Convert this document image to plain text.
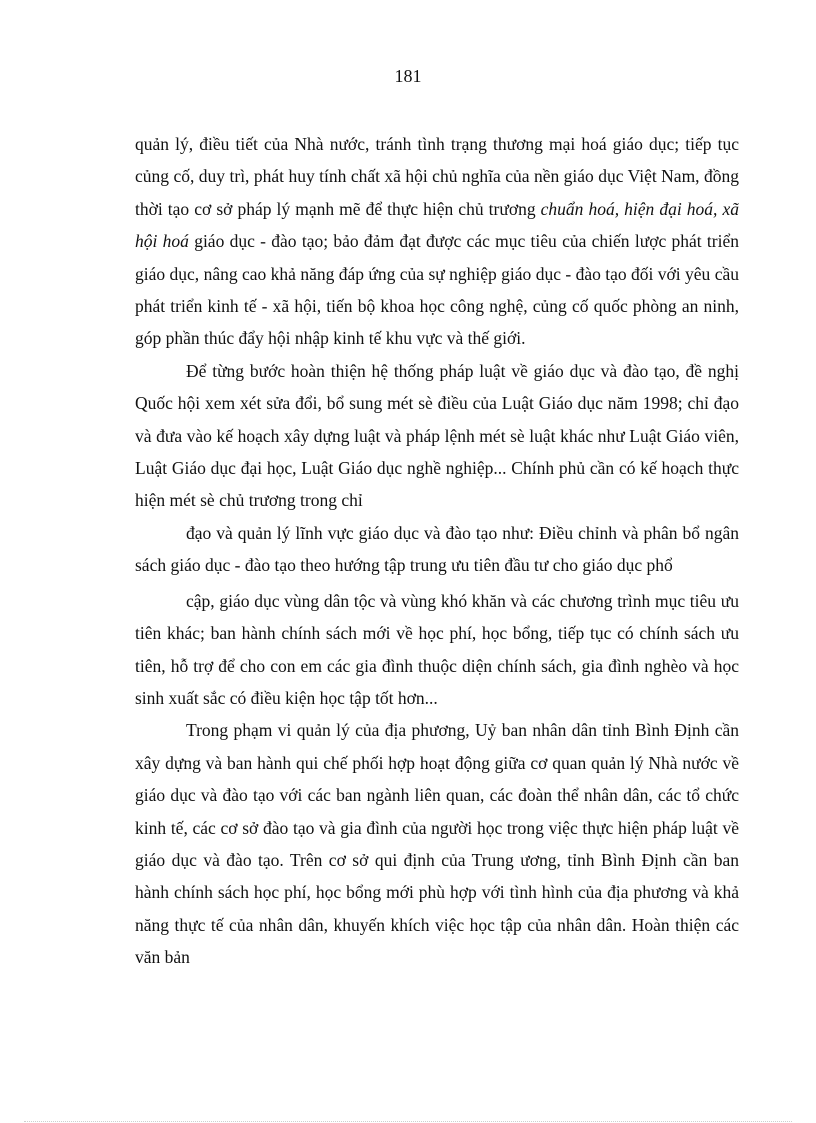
181

quản lý, điều tiết của Nhà nước, tránh tình trạng thương mại hoá giáo dục; tiếp tục củng cố, duy trì, phát huy tính chất xã hội chủ nghĩa của nền giáo dục Việt Nam, đồng thời tạo cơ sở pháp lý mạnh mẽ để thực hiện chủ trương chuẩn hoá, hiện đại hoá, xã hội hoá giáo dục - đào tạo; bảo đảm đạt được các mục tiêu của chiến lược phát triển giáo dục, nâng cao khả năng đáp ứng của sự nghiệp giáo dục - đào tạo đối với yêu cầu phát triển kinh tế - xã hội, tiến bộ khoa học công nghệ, củng cố quốc phòng an ninh, góp phần thúc đẩy hội nhập kinh tế khu vực và thế giới.

Để từng bước hoàn thiện hệ thống pháp luật về giáo dục và đào tạo, đề nghị Quốc hội xem xét sửa đổi, bổ sung mét sè điều của Luật Giáo dục năm 1998; chỉ đạo và đưa vào kế hoạch xây dựng luật và pháp lệnh mét sè luật khác như Luật Giáo viên, Luật Giáo dục đại học, Luật Giáo dục nghề nghiệp... Chính phủ cần có kế hoạch thực hiện mét sè chủ trương trong chỉ

đạo và quản lý lĩnh vực giáo dục và đào tạo như: Điều chỉnh và phân bổ ngân sách giáo dục - đào tạo theo hướng tập trung ưu tiên đầu tư cho giáo dục phổ

cập, giáo dục vùng dân tộc và vùng khó khăn và các chương trình mục tiêu ưu tiên khác; ban hành chính sách mới về học phí, học bổng, tiếp tục có chính sách ưu tiên, hỗ trợ để cho con em các gia đình thuộc diện chính sách, gia đình nghèo và học sinh xuất sắc có điều kiện học tập tốt hơn...

Trong phạm vi quản lý của địa phương, Uỷ ban nhân dân tỉnh Bình Định cần xây dựng và ban hành qui chế phối hợp hoạt động giữa cơ quan quản lý Nhà nước về giáo dục và đào tạo với các ban ngành liên quan, các đoàn thể nhân dân, các tổ chức kinh tế, các cơ sở đào tạo và gia đình của người học trong việc thực hiện pháp luật về giáo dục và đào tạo. Trên cơ sở qui định của Trung ương, tỉnh Bình Định cần ban hành chính sách học phí, học bổng mới phù hợp với tình hình của địa phương và khả năng thực tế của nhân dân, khuyến khích việc học tập của nhân dân. Hoàn thiện các văn bản
